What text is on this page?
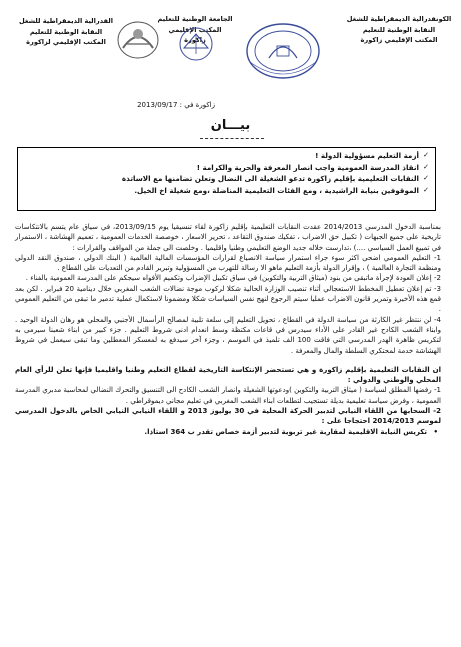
الكونفدرالية الديمقراطية للشغل
النقابة الوطنية للتعليم
المكتب الإقليمي زاكورة
الجامعة الوطنية للتعليم
المكتب الإقليمي
زاكورة
الفدرالية الديمقراطية للشغل
النقابة الوطنية للتعليم
المكتب الإقليمي لزاكورة
زاكورة في : 2013/09/17
بيـــان
✓ أزمة التعليم مسؤولية الدولة !
✓ انقاذ المدرسة العمومية واجب انصار المعرفة والحرية والكرامة !
✓ النقابات التعليمية بإقليم زاكورة تدعو الشغيلة الى النضال وتعلن تضامنها مع الاساتذة
✓ الموقوفين بنيابة الراشيدية ، ومع الفئات التعليمية المناضلة ،ومع شغيلة اخ الخيل.

بمناسبة الدخول المدرسي 2014/2013 عقدت النقابات التعليمية بإقليم زاكورة لقاء تنسيقيا يوم 2013/09/15، في سياق عام يتسم بالانتكاسات تاريخية على جميع الجبهات ( تكبيل حق الاضراب ، تفكيك صندوق التقاعد ، تحرير الاسعار ، خوصصة الخدمات العمومية ، تعميم الهشاشة ، الاستمرار في تمييع العمل السياسي ....) ،تدارست خلاله جديد الوضع التعليمي وطنيا واقليميا . وخلصت الى جملة من المواقف والقرارات :

1- التعليم العمومي اضحى اكثر سوء جراء استمرار سياسة الانصياع لقرارات المؤسسات المالية العالمية ( البنك الدولي ، صندوق النقد الدولي ومنظمة التجارة العالمية ) ، وإقرار الدولة بأزمة التعليم ماهو الا رسالة للتهرب من المسؤولية وتبرير القادم من التعديات على القطاع .

2- إعلان العودة لإجرأة ماتبقى من بنود (ميثاق التربية والتكوين) في سياق تكبيل الإضراب وتكميم الأفواه سيجكم على المدرسة العمومية بالفناء .

3- تم إعلان تعطيل المخطط الاستعجالي أثناء تنصيب الوزارة الحالية شكلا لركوب موجة نضالات الشعب المغربي خلال دينامية 20 فبراير . لكن بعد قمع هذه الأخيرة وتمرير قانون الاضراب عمليا سيتم الرجوع لنهج نفس السياسات شكلا ومضمونا لاستكمال عملية تدمير ما تبقى من التعليم العمومي .

4- لن ننتظر غير الكارثة من سياسة الدولة في القطاع ، تحويل التعليم إلى سلعة تلبية لمصالح الرأسمال الأجنبي والمحلي هو رهان الدولة الوحيد . وابناء الشعب الكادح غير القادر على الأداء سيدرس في قاعات مكتظة وسط انعدام ادنى شروط التعليم . جزء كبير من ابناء شعبنا سيرمى به لتكريس ظاهرة الهدر المدرسي التي فاقت 100 الف تلميذ في الموسم ، وجزء آخر سيدفع به لمعسكر المعطلين وما تبقى سيعمل في شروط الهشاشة خدمة لمحتكري السلطة والمال والمعرفة .

ان النقابات التعليمية بإقليم زاكورة و هي تستحضر الإنتكاسة التاريخية لقطاع التعليم وطنيا واقليميا فإنها تعلن للرأي العام المحلي والوطني والدولي :

1- رفضها المطلق لسياسة ( ميثاق التربية والتكوين )ودعوتها الشغيلة وانصار الشعب الكادح الى التنسيق والتحرك النضالي لمحاسبة مدبري المدرسة العمومية ، وفرض سياسة تعليمية بديلة تستجيب لتطلعات ابناء الشعب المغربي في تعليم مجاني ديموقراطي .

2- السحابها من اللقاء النيابي لتدبير الحركة المحلية في 30 يوليوز 2013 و اللقاء النيابي النيابي الخاص بالدخول المدرسي لموسم 2014/2013 احتجاجا على :

• تكريس النيابة الاقليمية لمقاربة غير تربوية لتدبير أزمة خصاص تقدر ب 364 استاذا.
